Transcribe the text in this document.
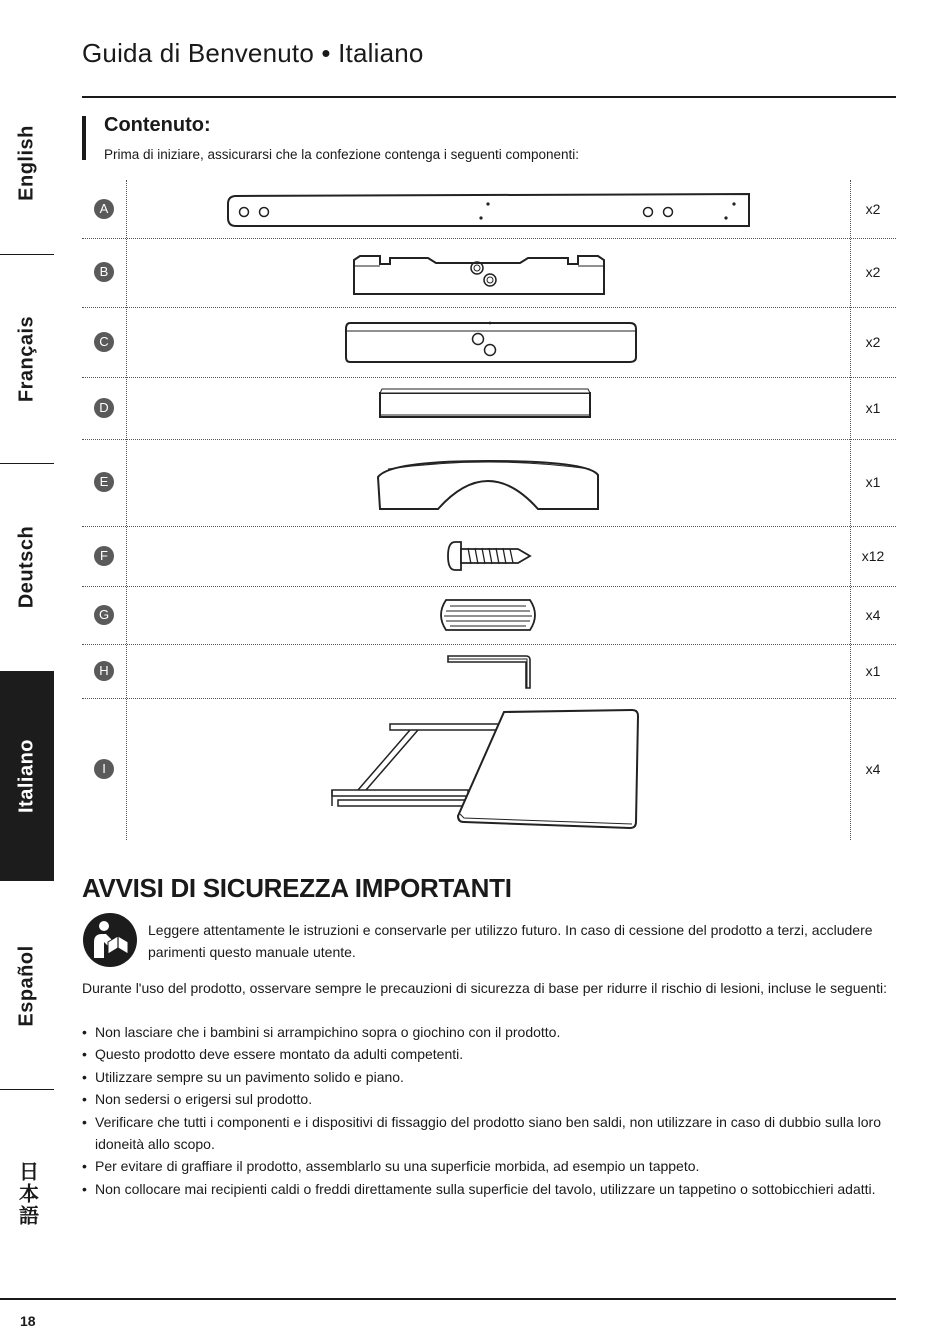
Guida di Benvenuto • Italiano
English
Français
Deutsch
Italiano
Español
日本語
Contenuto:
Prima di iniziare, assicurarsi che la confezione contenga i seguenti componenti:
A	x2
B	x2
C	x2
D	x1
E	x1
F	x12
G	x4
H	x1
I	x4
AVVISI DI SICUREZZA IMPORTANTI
Leggere attentamente le istruzioni e conservarle per utilizzo futuro. In caso di cessione del prodotto a terzi, accludere parimenti questo manuale utente.
Durante l'uso del prodotto, osservare sempre le precauzioni di sicurezza di base per ridurre il rischio di lesioni, incluse le seguenti:
• Non lasciare che i bambini si arrampichino sopra o giochino con il prodotto.
• Questo prodotto deve essere montato da adulti competenti.
• Utilizzare sempre su un pavimento solido e piano.
• Non sedersi o erigersi sul prodotto.
• Verificare che tutti i componenti e i dispositivi di fissaggio del prodotto siano ben saldi, non utilizzare in caso di dubbio sulla loro idoneità allo scopo.
• Per evitare di graffiare il prodotto, assemblarlo su una superficie morbida, ad esempio un tappeto.
• Non collocare mai recipienti caldi o freddi direttamente sulla superficie del tavolo, utilizzare un tappetino o sottobicchieri adatti.
18
